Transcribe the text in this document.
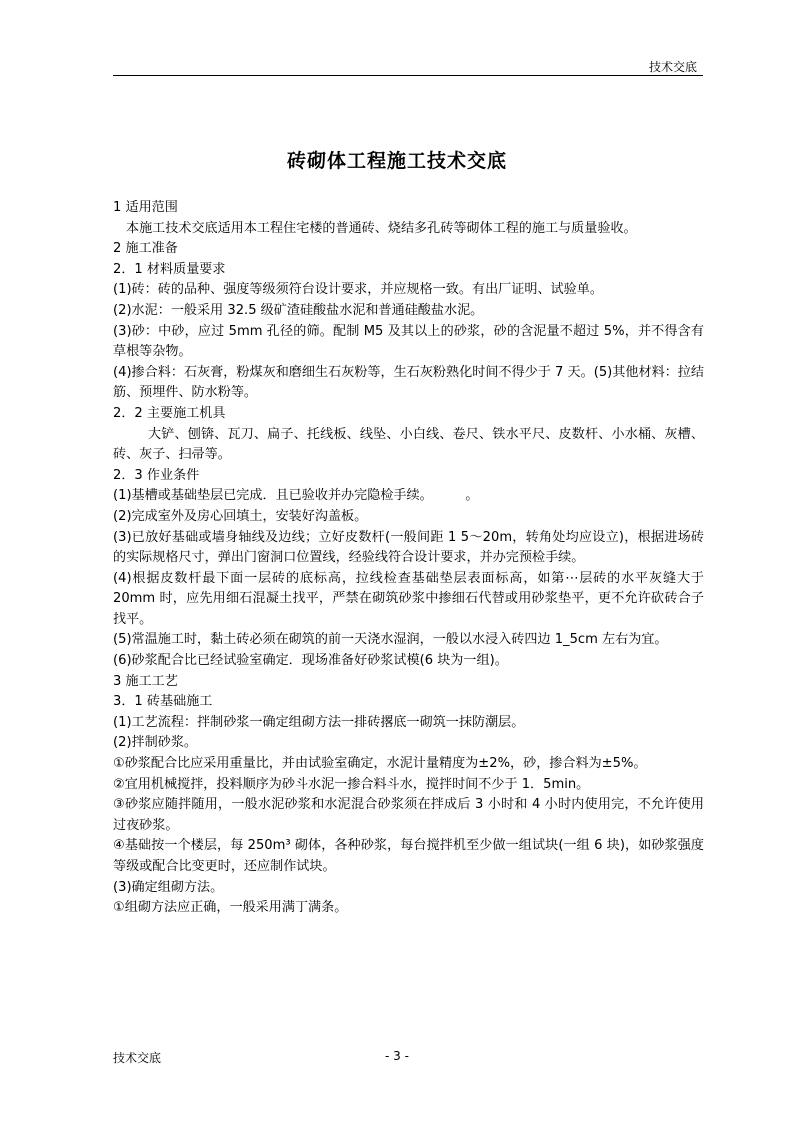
技术交底
砖砌体工程施工技术交底

1 适用范围

本施工技术交底适用本工程住宅楼的普通砖、烧结多孔砖等砌体工程的施工与质量验收。

2 施工准备

2．1 材料质量要求

(1)砖：砖的品种、强度等级须符台设计要求，并应规格一致。有出厂证明、试验单。

(2)水泥：一般采用 32.5 级矿渣硅酸盐水泥和普通硅酸盐水泥。

(3)砂：中砂，应过 5mm 孔径的筛。配制 M5 及其以上的砂浆，砂的含泥量不超过 5%，并不得含有草根等杂物。

(4)掺合料：石灰膏，粉煤灰和磨细生石灰粉等，生石灰粉熟化时间不得少于 7 天。(5)其他材料：拉结筋、预埋件、防水粉等。

2．2 主要施工机具

大铲、刨锛、瓦刀、扁子、托线板、线坠、小白线、卷尺、铁水平尺、皮数杆、小水桶、灰槽、砖、灰子、扫帚等。

2．3 作业条件

(1)基槽或基础垫层已完成．且已验收并办完隐检手续。　　　。

(2)完成室外及房心回填土，安装好沟盖板。

(3)已放好基础或墙身轴线及边线；立好皮数杆(一般间距 1 5～20m，转角处均应设立)，根据进场砖的实际规格尺寸，弹出门窗洞口位置线，经验线符合设计要求，并办完预检手续。

(4)根据皮数杆最下面一层砖的底标高，拉线检查基础垫层表面标高，如第⋯层砖的水平灰缝大于 20mm 时，应先用细石混凝土找平，严禁在砌筑砂浆中掺细石代替或用砂浆垫平，更不允许砍砖合子找平。

(5)常温施工时，黏土砖必须在砌筑的前一天浇水湿润，一般以水浸入砖四边 1_5cm 左右为宜。

(6)砂浆配合比已经试验室确定．现场准备好砂浆试模(6 块为一组)。

3 施工工艺

3．1 砖基础施工

(1)工艺流程：拌制砂浆一确定组砌方法一排砖撂底一砌筑一抹防潮层。

(2)拌制砂浆。

①砂浆配合比应采用重量比，并由试验室确定，水泥计量精度为±2%，砂，掺合料为±5%。

②宜用机械搅拌，投料顺序为砂斗水泥一掺合料斗水，搅拌时间不少于 1．5min。

③砂浆应随拌随用，一般水泥砂浆和水泥混合砂浆须在拌成后 3 小时和 4 小时内使用完，不允许使用过夜砂浆。

④基础按一个楼层，每 250m³ 砌体，各种砂浆，每台搅拌机至少做一组试块(一组 6 块)，如砂浆强度等级或配合比变更时，还应制作试块。

(3)确定组砌方法。

①组砌方法应正确，一般采用满丁满条。

技术交底	- 3 -
